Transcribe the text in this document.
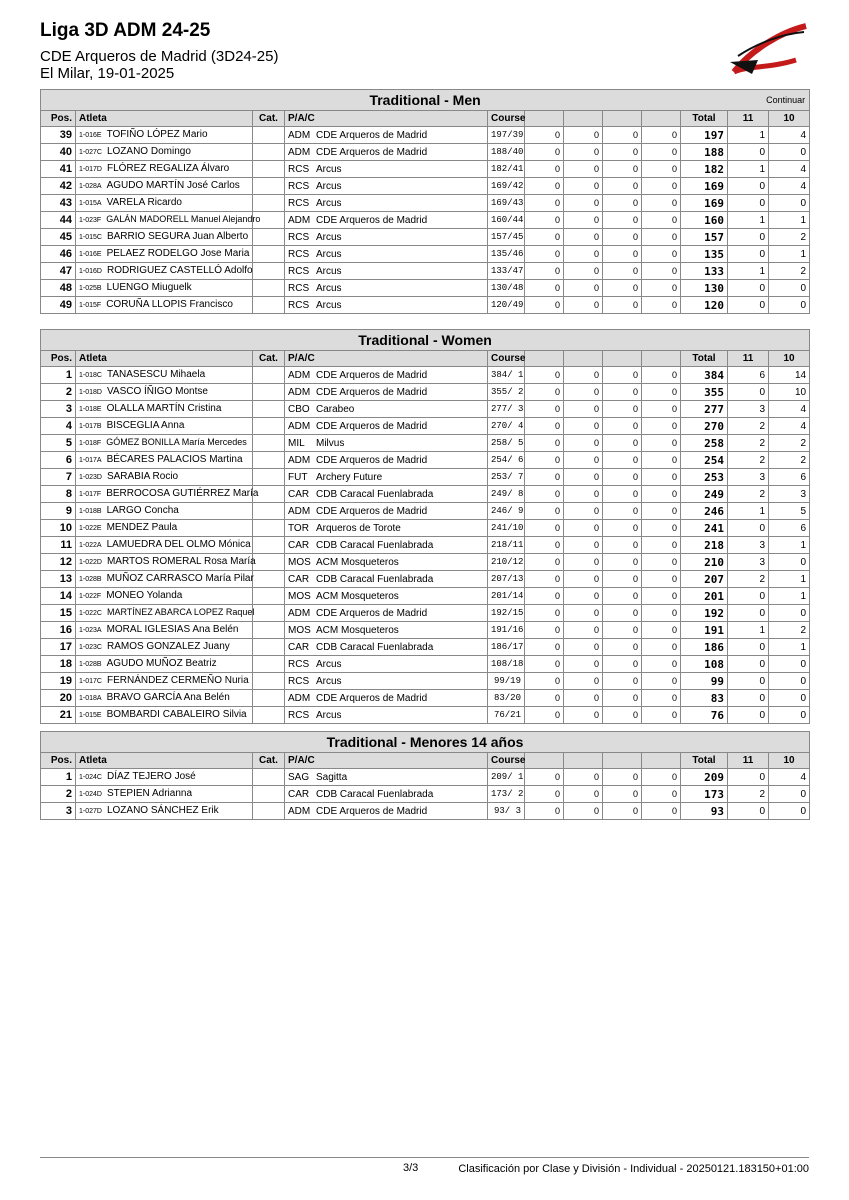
Liga 3D ADM 24-25
CDE Arqueros de Madrid (3D24-25)
El Milar, 19-01-2025
Arqueros de Madrid
Traditional - Men Continuar											

Pos.	Atleta	Cat.	P/A/C	Course					Total	11	10
39	1-016E TOFIÑO LÓPEZ Mario		ADM CDE Arqueros de Madrid	197/39	0	0	0	0	197	1	4
40	1-027C LOZANO Domingo		ADM CDE Arqueros de Madrid	188/40	0	0	0	0	188	0	0
41	1-017D FLÓREZ REGALIZA Álvaro		RCS Arcus	182/41	0	0	0	0	182	1	4
42	1-028A AGUDO MARTÍN José Carlos		RCS Arcus	169/42	0	0	0	0	169	0	4
43	1-015A VARELA Ricardo		RCS Arcus	169/43	0	0	0	0	169	0	0
44	1-023F GALÁN MADORELL Manuel Alejandro		ADM CDE Arqueros de Madrid	160/44	0	0	0	0	160	1	1
45	1-015C BARRIO SEGURA Juan Alberto		RCS Arcus	157/45	0	0	0	0	157	0	2
46	1-016E PELAEZ RODELGO Jose Maria		RCS Arcus	135/46	0	0	0	0	135	0	1
47	1-016D RODRIGUEZ CASTELLÓ Adolfo		RCS Arcus	133/47	0	0	0	0	133	1	2
48	1-025B LUENGO Miuguelk		RCS Arcus	130/48	0	0	0	0	130	0	0
49	1-015F CORUÑA LLOPIS Francisco		RCS Arcus	120/49	0	0	0	0	120	0	0
Traditional - Women											
Pos.	Atleta	Cat.	P/A/C	Course					Total	11	10
1	1-018C TANASESCU Mihaela		ADM CDE Arqueros de Madrid	384/ 1	0	0	0	0	384	6	14
2	1-018D VASCO ÍÑIGO Montse		ADM CDE Arqueros de Madrid	355/ 2	0	0	0	0	355	0	10
3	1-018E OLALLA MARTÍN Cristina		CBO Carabeo	277/ 3	0	0	0	0	277	3	4
4	1-017B BISCEGLIA Anna		ADM CDE Arqueros de Madrid	270/ 4	0	0	0	0	270	2	4
5	1-018F GÓMEZ BONILLA María Mercedes		MIL Milvus	258/ 5	0	0	0	0	258	2	2
6	1-017A BÉCARES PALACIOS Martina		ADM CDE Arqueros de Madrid	254/ 6	0	0	0	0	254	2	2
7	1-023D SARABIA Rocio		FUT Archery Future	253/ 7	0	0	0	0	253	3	6
8	1-017F BERROCOSA GUTIÉRREZ María		CAR CDB Caracal Fuenlabrada	249/ 8	0	0	0	0	249	2	3
9	1-018B LARGO Concha		ADM CDE Arqueros de Madrid	246/ 9	0	0	0	0	246	1	5
10	1-022E MENDEZ Paula		TOR Arqueros de Torote	241/10	0	0	0	0	241	0	6
11	1-022A LAMUEDRA DEL OLMO Mónica		CAR CDB Caracal Fuenlabrada	218/11	0	0	0	0	218	3	1
12	1-022D MARTOS ROMERAL Rosa María		MOS ACM Mosqueteros	210/12	0	0	0	0	210	3	0
13	1-028B MUÑOZ CARRASCO María Pilar		CAR CDB Caracal Fuenlabrada	207/13	0	0	0	0	207	2	1
14	1-022F MONEO Yolanda		MOS ACM Mosqueteros	201/14	0	0	0	0	201	0	1
15	1-022C MARTÍNEZ ABARCA LOPEZ Raquel		ADM CDE Arqueros de Madrid	192/15	0	0	0	0	192	0	0
16	1-023A MORAL IGLESIAS Ana Belén		MOS ACM Mosqueteros	191/16	0	0	0	0	191	1	2
17	1-023C RAMOS GONZALEZ Juany		CAR CDB Caracal Fuenlabrada	186/17	0	0	0	0	186	0	1
18	1-028B AGUDO MUÑOZ Beatriz		RCS Arcus	108/18	0	0	0	0	108	0	0
19	1-017C FERNÁNDEZ CERMEÑO Nuria		RCS Arcus	99/19	0	0	0	0	99	0	0
20	1-018A BRAVO GARCÍA Ana Belén		ADM CDE Arqueros de Madrid	83/20	0	0	0	0	83	0	0
21	1-015E BOMBARDI CABALEIRO Silvia		RCS Arcus	76/21	0	0	0	0	76	0	0
Traditional - Menores 14 años											
Pos.	Atleta	Cat.	P/A/C	Course					Total	11	10
1	1-024C DÍAZ TEJERO José		SAG Sagitta	209/ 1	0	0	0	0	209	0	4
2	1-024D STEPIEN Adrianna		CAR CDB Caracal Fuenlabrada	173/ 2	0	0	0	0	173	2	0
3	1-027D LOZANO SÁNCHEZ Erik		ADM CDE Arqueros de Madrid	93/ 3	0	0	0	0	93	0	0
3/3	Clasificación por Clase y División - Individual - 20250121.183150+01:00
